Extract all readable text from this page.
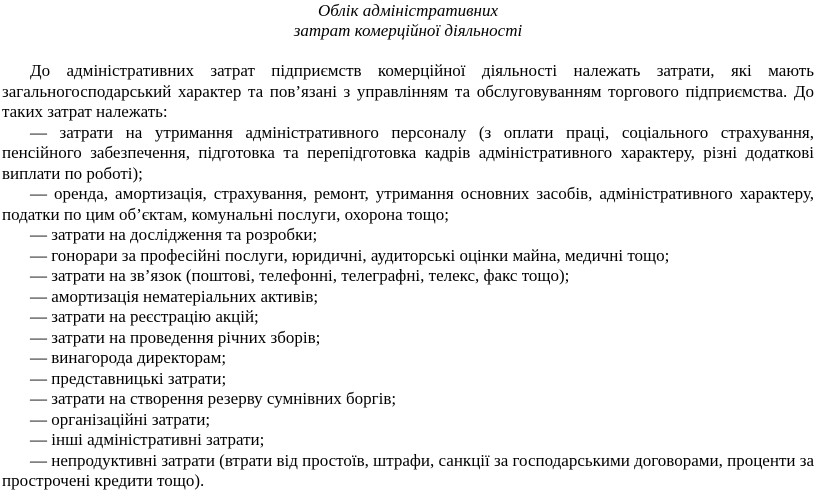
Облік адміністративних
затрат комерційної діяльності

До адміністративних затрат підприємств комерційної діяльності належать затрати, які мають загальногосподарський характер та пов’язані з управлінням та обслуговуванням торгового підприємства. До таких затрат належать:

— затрати на утримання адміністративного персоналу (з оплати праці, соціального страхування, пенсійного забезпечення, підготовка та перепідготовка кадрів адміністративного характеру, різні додаткові виплати по роботі);

— оренда, амортизація, страхування, ремонт, утримання основних засобів, адміністративного характеру, податки по цим об’єктам, комунальні послуги, охорона тощо;

— затрати на дослідження та розробки;

— гонорари за професійні послуги, юридичні, аудиторські оцінки майна, медичні тощо;

— затрати на зв’язок (поштові, телефонні, телеграфні, телекс, факс тощо);

— амортизація нематеріальних активів;

— затрати на реєстрацію акцій;

— затрати на проведення річних зборів;

— винагорода директорам;

— представницькі затрати;

— затрати на створення резерву сумнівних боргів;

— організаційні затрати;

— інші адміністративні затрати;

— непродуктивні затрати (втрати від простоїв, штрафи, санкції за господарськими договорами, проценти за прострочені кредити тощо).
